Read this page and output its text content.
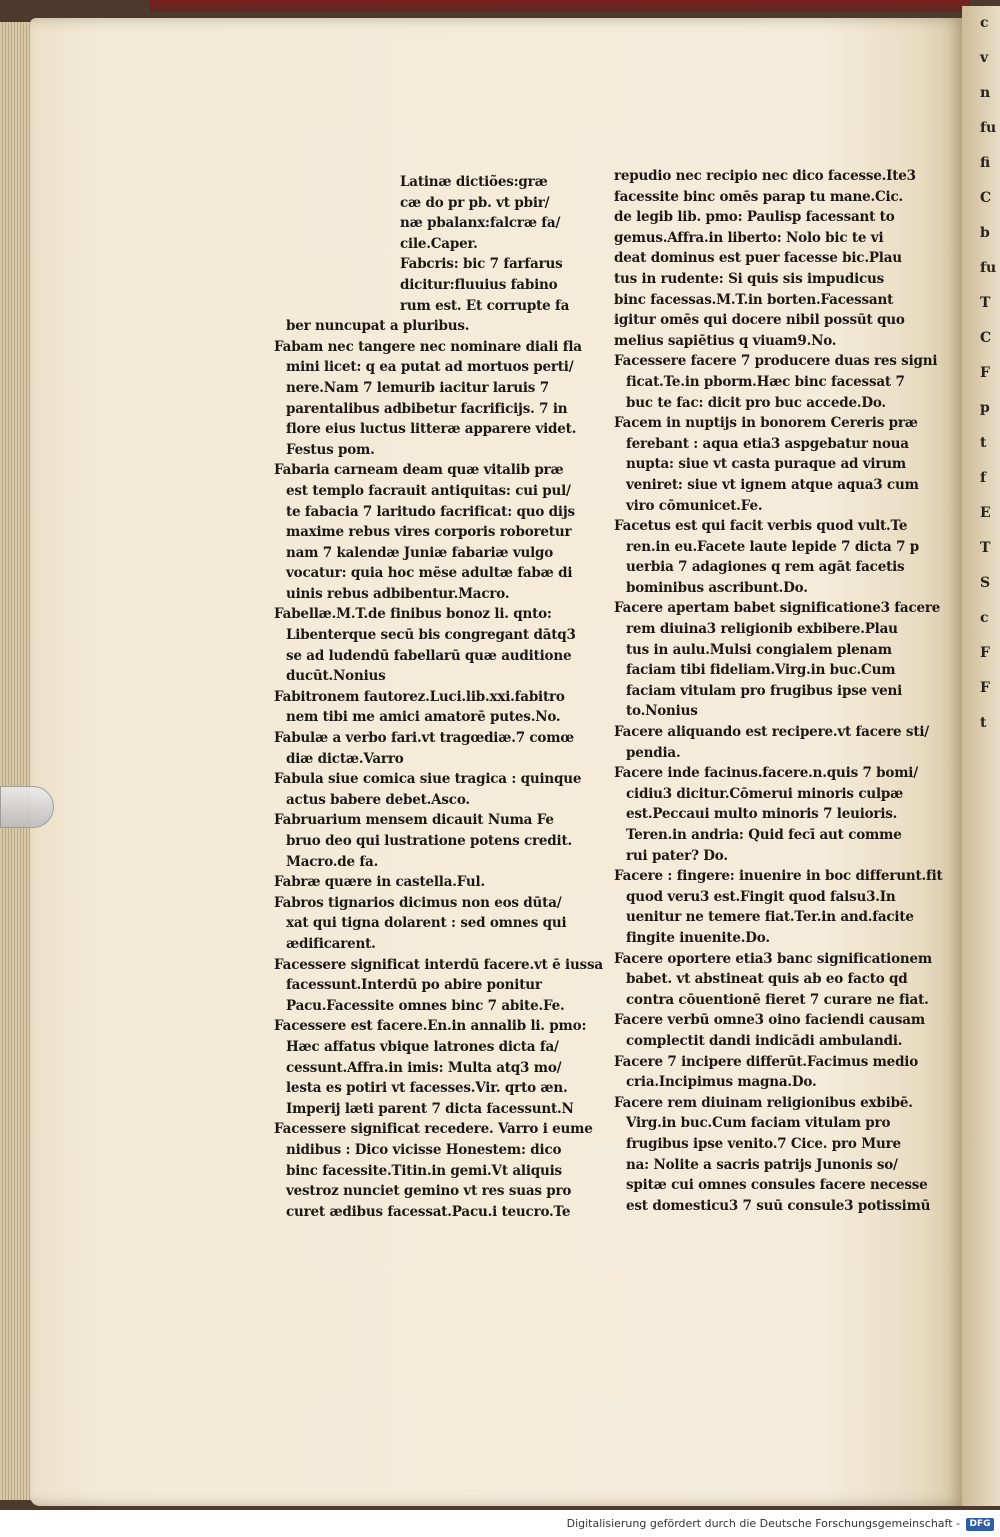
c
v
n
fu
fi
C
b
fu
T
C
F
p
t
f
E
T
S
c
F
F
t
Latinæ dictiões:græ
cæ do pr pb. vt pbir/
næ pbalanx:falcræ fa/
cile.Caper.
Fabcris: bic 7 farfarus
dicitur:fluuius fabino
rum est. Et corrupte fa
ber nuncupat a pluribus.
Fabam nec tangere nec nominare diali fla
mini licet: q ea putat ad mortuos perti/
nere.Nam 7 lemurib iacitur laruis 7
parentalibus adbibetur facrificijs. 7 in
flore eius luctus litteræ apparere videt.
Festus pom.
Fabaria carneam deam quæ vitalib præ
est templo facrauit antiquitas: cui pul/
te fabacia 7 laritudo facrificat: quo dijs
maxime rebus vires corporis roboretur
nam 7 kalendæ Juniæ fabariæ vulgo
vocatur: quia hoc mēse adultæ fabæ di
uinis rebus adbibentur.Macro.
Fabellæ.M.T.de finibus bonoz li. qnto:
Libenterque secū bis congregant dātq3
se ad ludendū fabellarū quæ auditione
ducūt.Nonius
Fabitronem fautorez.Luci.lib.xxi.fabitro
nem tibi me amici amatorē putes.No.
Fabulæ a verbo fari.vt tragœdiæ.7 comœ
diæ dictæ.Varro
Fabula siue comica siue tragica : quinque
actus babere debet.Asco.
Fabruarium mensem dicauit Numa Fe
bruo deo qui lustratione potens credit.
Macro.de fa.
Fabræ quære in castella.Ful.
Fabros tignarios dicimus non eos dūta/
xat qui tigna dolarent : sed omnes qui
ædificarent.
Facessere significat interdū facere.vt ē iussa
facessunt.Interdū po abire ponitur
Pacu.Facessite omnes binc 7 abite.Fe.
Facessere est facere.En.in annalib li. pmo:
Hæc affatus vbique latrones dicta fa/
cessunt.Affra.in imis: Multa atq3 mo/
lesta es potiri vt facesses.Vir. qrto æn.
Imperij læti parent 7 dicta facessunt.N
Facessere significat recedere. Varro i eume
nidibus : Dico vicisse Honestem: dico
binc facessite.Titin.in gemi.Vt aliquis
vestroz nunciet gemino vt res suas pro
curet ædibus facessat.Pacu.i teucro.Te
repudio nec recipio nec dico facesse.Ite3
facessite binc omēs parap tu mane.Cic.
de legib lib. pmo: Paulisp facessant to
gemus.Affra.in liberto: Nolo bic te vi
deat dominus est puer facesse bic.Plau
tus in rudente: Si quis sis impudicus
binc facessas.M.T.in borten.Facessant
igitur omēs qui docere nibil possūt quo
melius sapiētius q viuam9.No.
Facessere facere 7 producere duas res signi
ficat.Te.in pborm.Hæc binc facessat 7
buc te fac: dicit pro buc accede.Do.
Facem in nuptijs in bonorem Cereris præ
ferebant : aqua etia3 aspgebatur noua
nupta: siue vt casta puraque ad virum
veniret: siue vt ignem atque aqua3 cum
viro cōmunicet.Fe.
Facetus est qui facit verbis quod vult.Te
ren.in eu.Facete laute lepide 7 dicta 7 p
uerbia 7 adagiones q rem agāt facetis
bominibus ascribunt.Do.
Facere apertam babet significatione3 facere
rem diuina3 religionib exbibere.Plau
tus in aulu.Mulsi congialem plenam
faciam tibi fideliam.Virg.in buc.Cum
faciam vitulam pro frugibus ipse veni
to.Nonius
Facere aliquando est recipere.vt facere sti/
pendia.
Facere inde facinus.facere.n.quis 7 bomi/
cidiu3 dicitur.Cōmerui minoris culpæ
est.Peccaui multo minoris 7 leuioris.
Teren.in andria: Quid fecī aut comme
rui pater? Do.
Facere : fingere: inuenire in boc differunt.fit
quod veru3 est.Fingit quod falsu3.In
uenitur ne temere fiat.Ter.in and.facite
fingite inuenite.Do.
Facere oportere etia3 banc significationem
babet. vt abstineat quis ab eo facto qd
contra cōuentionē fieret 7 curare ne fiat.
Facere verbū omne3 oino faciendi causam
complectit dandi indicādi ambulandi.
Facere 7 incipere differūt.Facimus medio
cria.Incipimus magna.Do.
Facere rem diuinam religionibus exbibē.
Virg.in buc.Cum faciam vitulam pro
frugibus ipse venito.7 Cice. pro Mure
na: Nolite a sacris patrijs Junonis so/
spitæ cui omnes consules facere necesse
est domesticu3 7 suū consule3 potissimū
Digitalisierung gefördert durch die Deutsche Forschungsgemeinschaft -	DFG
